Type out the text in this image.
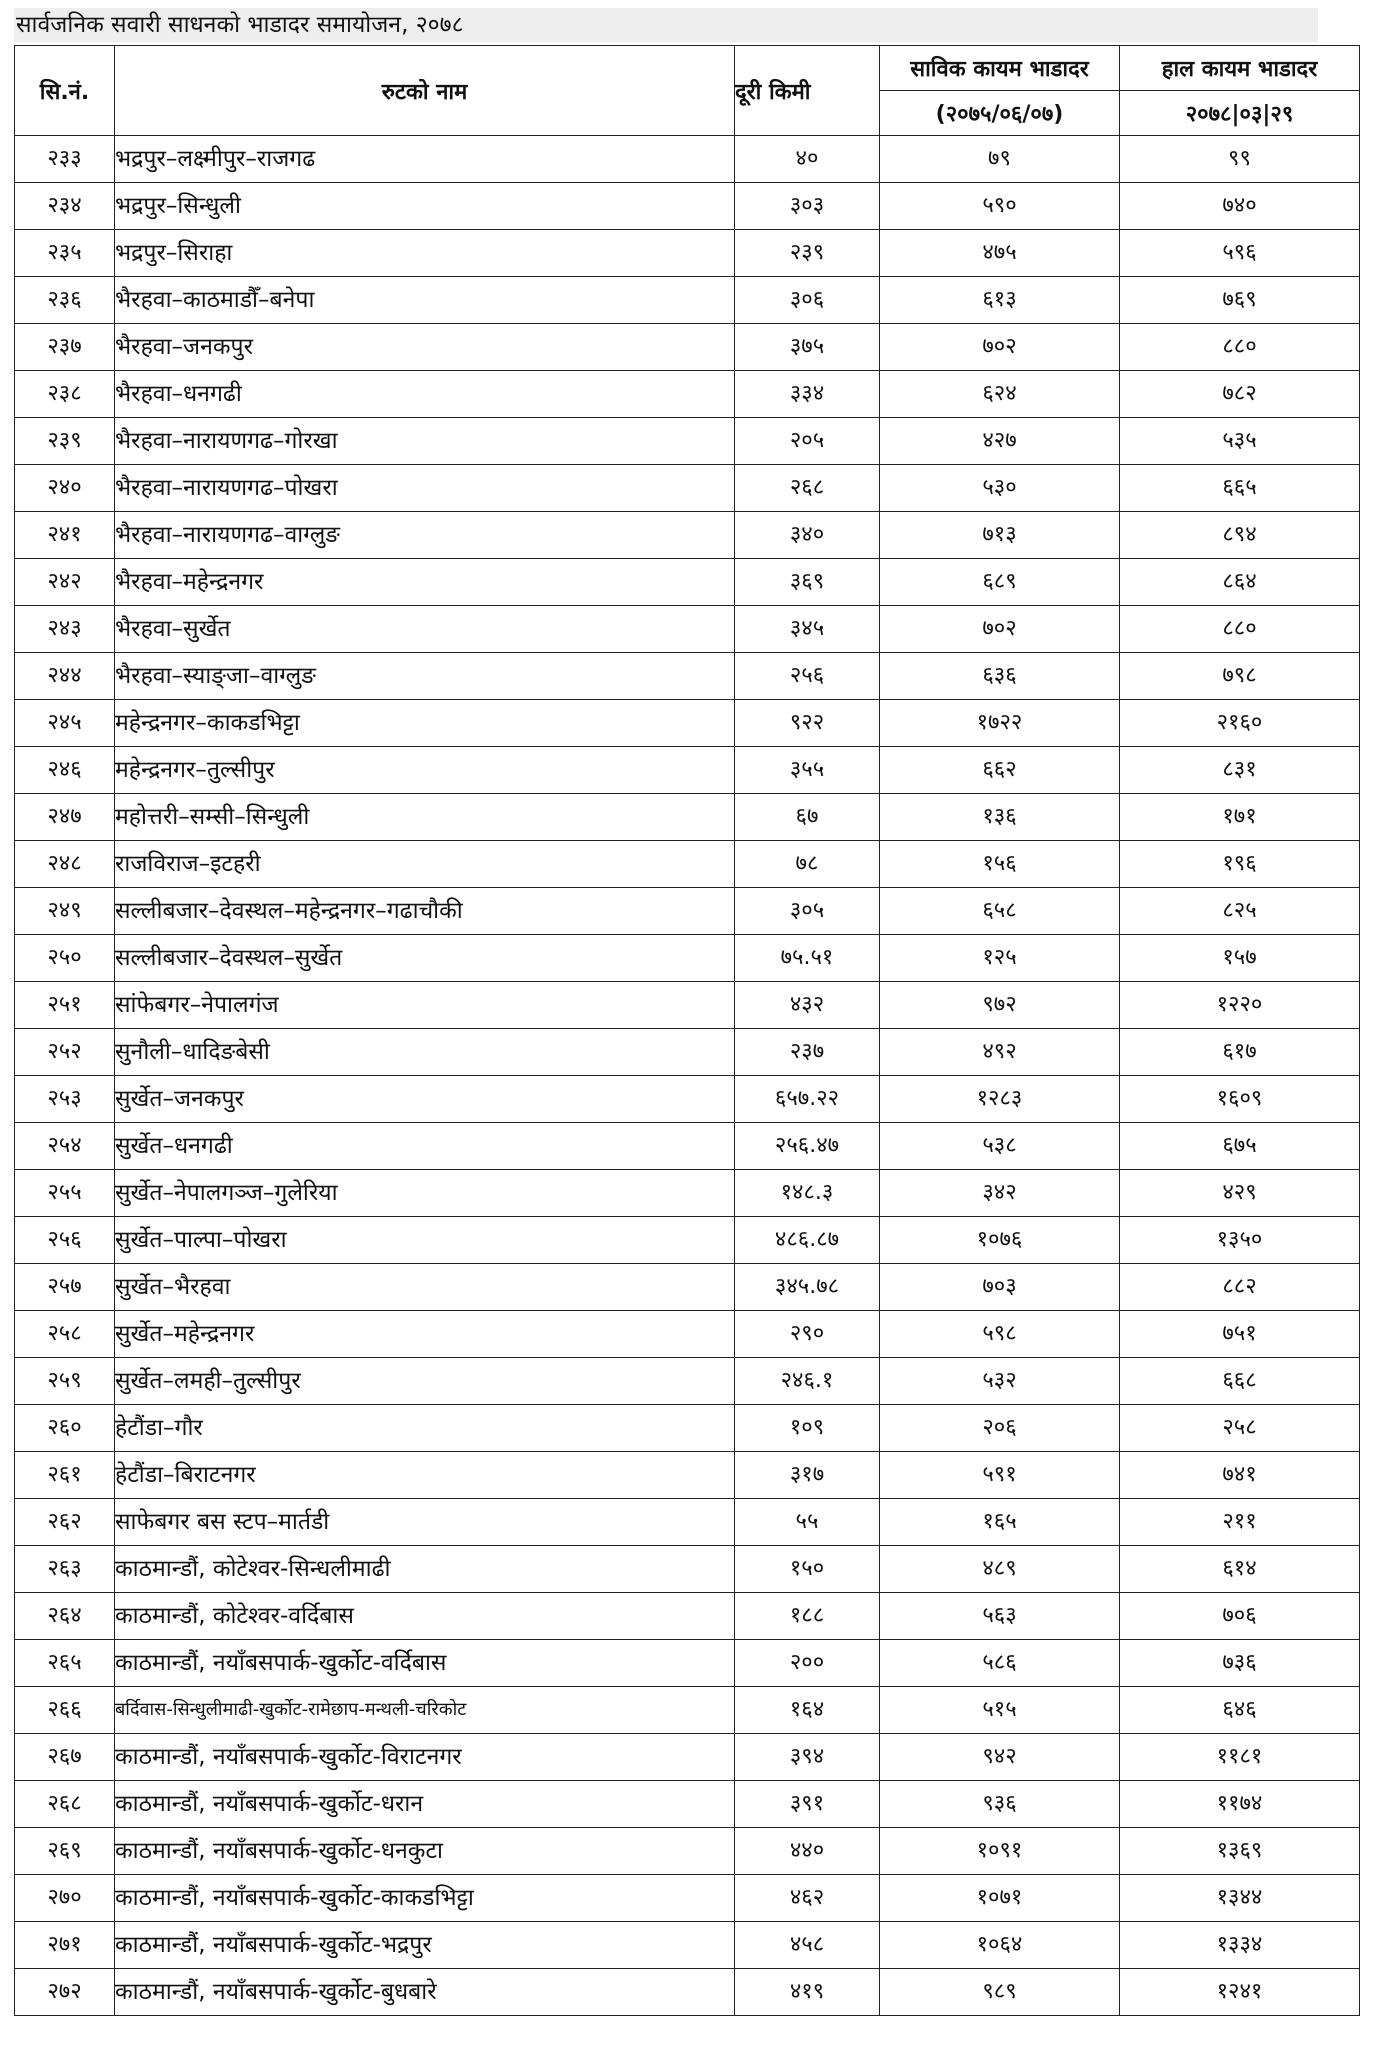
सार्वजनिक सवारी साधनको भाडादर समायोजन, २०७८
सि.नं.	रुटको नाम	दूरी किमी	साविक कायम भाडादर	हाल कायम भाडादर
			(२०७५/०६/०७)	२०७८|०३|२९
२३३	भद्रपुर–लक्ष्मीपुर–राजगढ	४०	७९	९९
२३४	भद्रपुर–सिन्धुली	३०३	५९०	७४०
२३५	भद्रपुर–सिराहा	२३९	४७५	५९६
२३६	भैरहवा–काठमाडौँ–बनेपा	३०६	६१३	७६९
२३७	भैरहवा–जनकपुर	३७५	७०२	८८०
२३८	भैरहवा–धनगढी	३३४	६२४	७८२
२३९	भैरहवा–नारायणगढ–गोरखा	२०५	४२७	५३५
२४०	भैरहवा–नारायणगढ–पोखरा	२६८	५३०	६६५
२४१	भैरहवा–नारायणगढ–वाग्लुङ	३४०	७१३	८९४
२४२	भैरहवा–महेन्द्रनगर	३६९	६८९	८६४
२४३	भैरहवा–सुर्खेत	३४५	७०२	८८०
२४४	भैरहवा–स्याङ्जा–वाग्लुङ	२५६	६३६	७९८
२४५	महेन्द्रनगर–काकडभिट्टा	९२२	१७२२	२१६०
२४६	महेन्द्रनगर–तुल्सीपुर	३५५	६६२	८३१
२४७	महोत्तरी–सम्सी–सिन्धुली	६७	१३६	१७१
२४८	राजविराज–इटहरी	७८	१५६	१९६
२४९	सल्लीबजार–देवस्थल–महेन्द्रनगर–गढाचौकी	३०५	६५८	८२५
२५०	सल्लीबजार–देवस्थल–सुर्खेत	७५.५१	१२५	१५७
२५१	सांफेबगर–नेपालगंज	४३२	९७२	१२२०
२५२	सुनौली–धादिङबेसी	२३७	४९२	६१७
२५३	सुर्खेत–जनकपुर	६५७.२२	१२८३	१६०९
२५४	सुर्खेत–धनगढी	२५६.४७	५३८	६७५
२५५	सुर्खेत–नेपालगञ्ज–गुलेरिया	१४८.३	३४२	४२९
२५६	सुर्खेत–पाल्पा–पोखरा	४८६.८७	१०७६	१३५०
२५७	सुर्खेत–भैरहवा	३४५.७८	७०३	८८२
२५८	सुर्खेत–महेन्द्रनगर	२९०	५९८	७५१
२५९	सुर्खेत–लमही–तुल्सीपुर	२४६.१	५३२	६६८
२६०	हेटौंडा–गौर	१०९	२०६	२५८
२६१	हेटौंडा–बिराटनगर	३१७	५९१	७४१
२६२	साफेबगर बस स्टप–मार्तडी	५५	१६५	२११
२६३	काठमान्डौं, कोटेश्वर-सिन्धलीमाढी	१५०	४८९	६१४
२६४	काठमान्डौं, कोटेश्वर-वर्दिबास	१८८	५६३	७०६
२६५	काठमान्डौं, नयाँबसपार्क-खुर्कोट-वर्दिबास	२००	५८६	७३६
२६६	बर्दिवास-सिन्धुलीमाढी-खुर्कोट-रामेछाप-मन्थली-चरिकोट	१६४	५१५	६४६
२६७	काठमान्डौं, नयाँबसपार्क-खुर्कोट-विराटनगर	३९४	९४२	११८१
२६८	काठमान्डौं, नयाँबसपार्क-खुर्कोट-धरान	३९१	९३६	११७४
२६९	काठमान्डौं, नयाँबसपार्क-खुर्कोट-धनकुटा	४४०	१०९१	१३६९
२७०	काठमान्डौं, नयाँबसपार्क-खुर्कोट-काकडभिट्टा	४६२	१०७१	१३४४
२७१	काठमान्डौं, नयाँबसपार्क-खुर्कोट-भद्रपुर	४५८	१०६४	१३३४
२७२	काठमान्डौं, नयाँबसपार्क-खुर्कोट-बुधबारे	४१९	९८९	१२४१
